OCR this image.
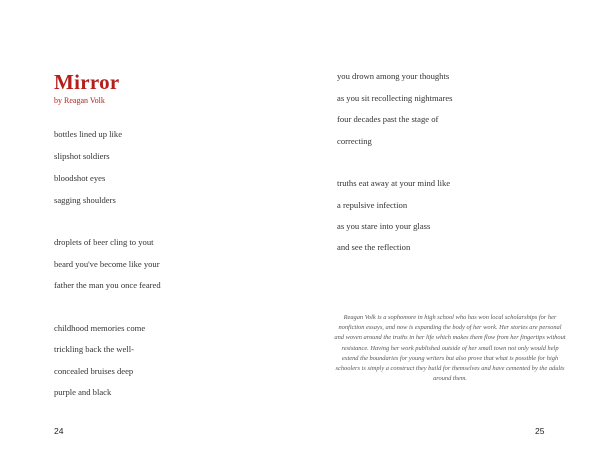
Mirror
by Reagan Volk
bottles lined up like
slipshot soldiers
bloodshot eyes
sagging shoulders
droplets of beer cling to yout
beard you've become like your
father the man you once feared
childhood memories come
trickling back the well-
concealed bruises deep
purple and black
24
you drown among your thoughts
as you sit recollecting nightmares
four decades past the stage of
correcting
truths eat away at your mind like
a repulsive infection
as you stare into your glass
and see the reflection

Reagan Volk is a sophomore in high school who has won local scholarships for her nonfiction essays, and now is expanding the body of her work. Her stories are personal and woven around the truths in her life which makes them flow from her fingertips without resistance. Having her work published outside of her small town not only would help extend the boundaries for young writers but also prove that what is possible for high schoolers is simply a construct they build for themselves and have cemented by the adults around them.

25
